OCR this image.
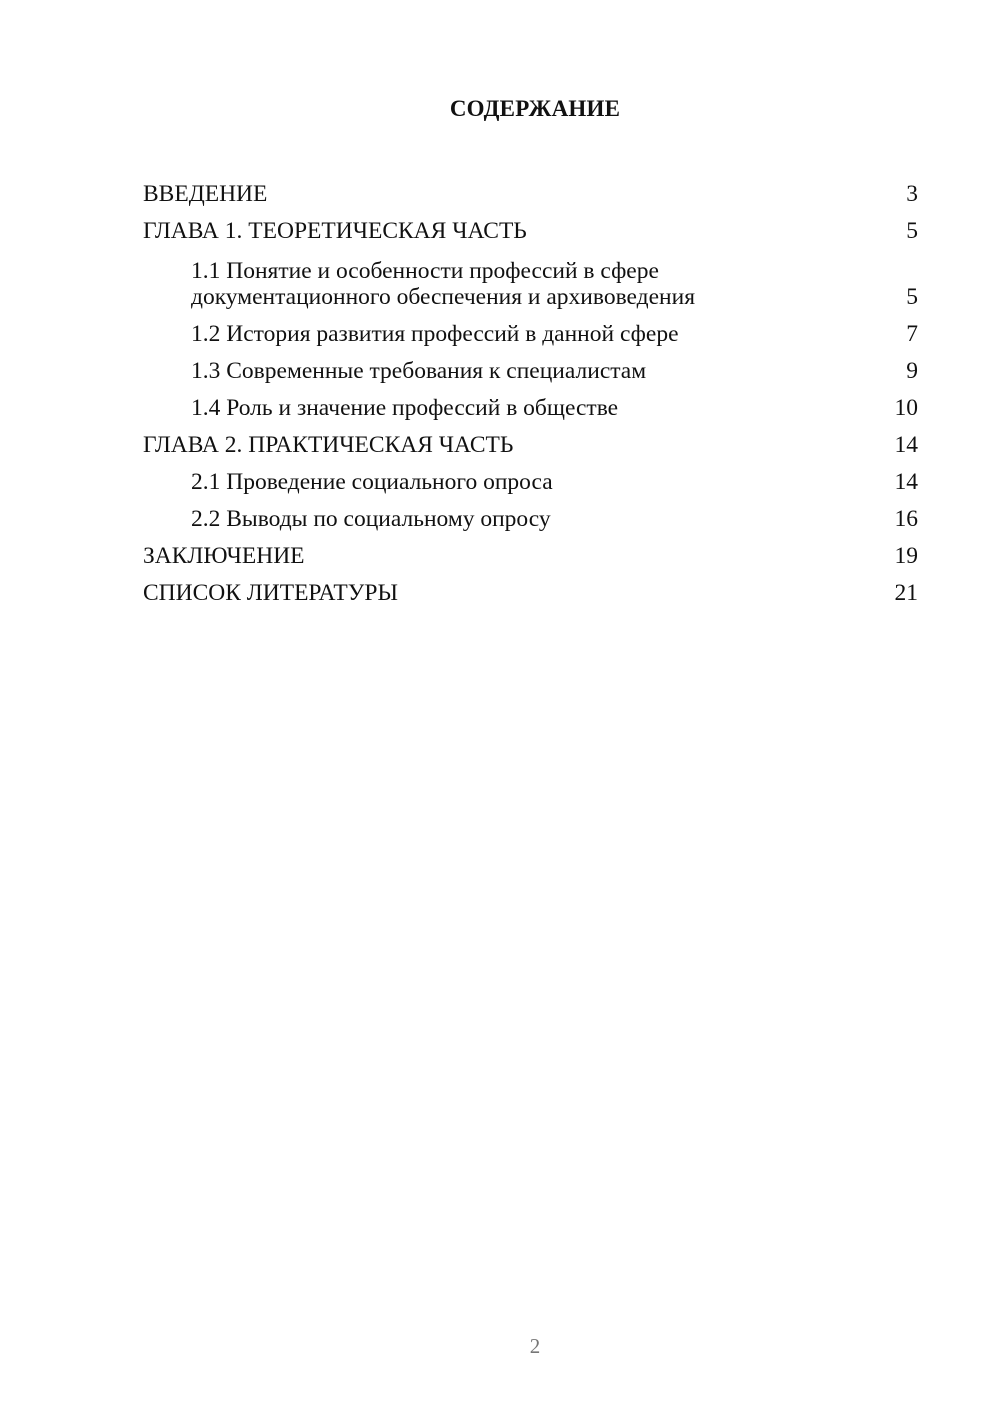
СОДЕРЖАНИЕ
ВВЕДЕНИЕ	3
ГЛАВА 1. ТЕОРЕТИЧЕСКАЯ ЧАСТЬ	5
1.1 Понятие и особенности профессий в сфере документационного обеспечения и архивоведения	5
1.2 История развития профессий в данной сфере	7
1.3 Современные требования к специалистам	9
1.4 Роль и значение профессий в обществе	10
ГЛАВА 2. ПРАКТИЧЕСКАЯ ЧАСТЬ	14
2.1 Проведение социального опроса	14
2.2 Выводы по социальному опросу	16
ЗАКЛЮЧЕНИЕ	19
СПИСОК ЛИТЕРАТУРЫ	21
2
